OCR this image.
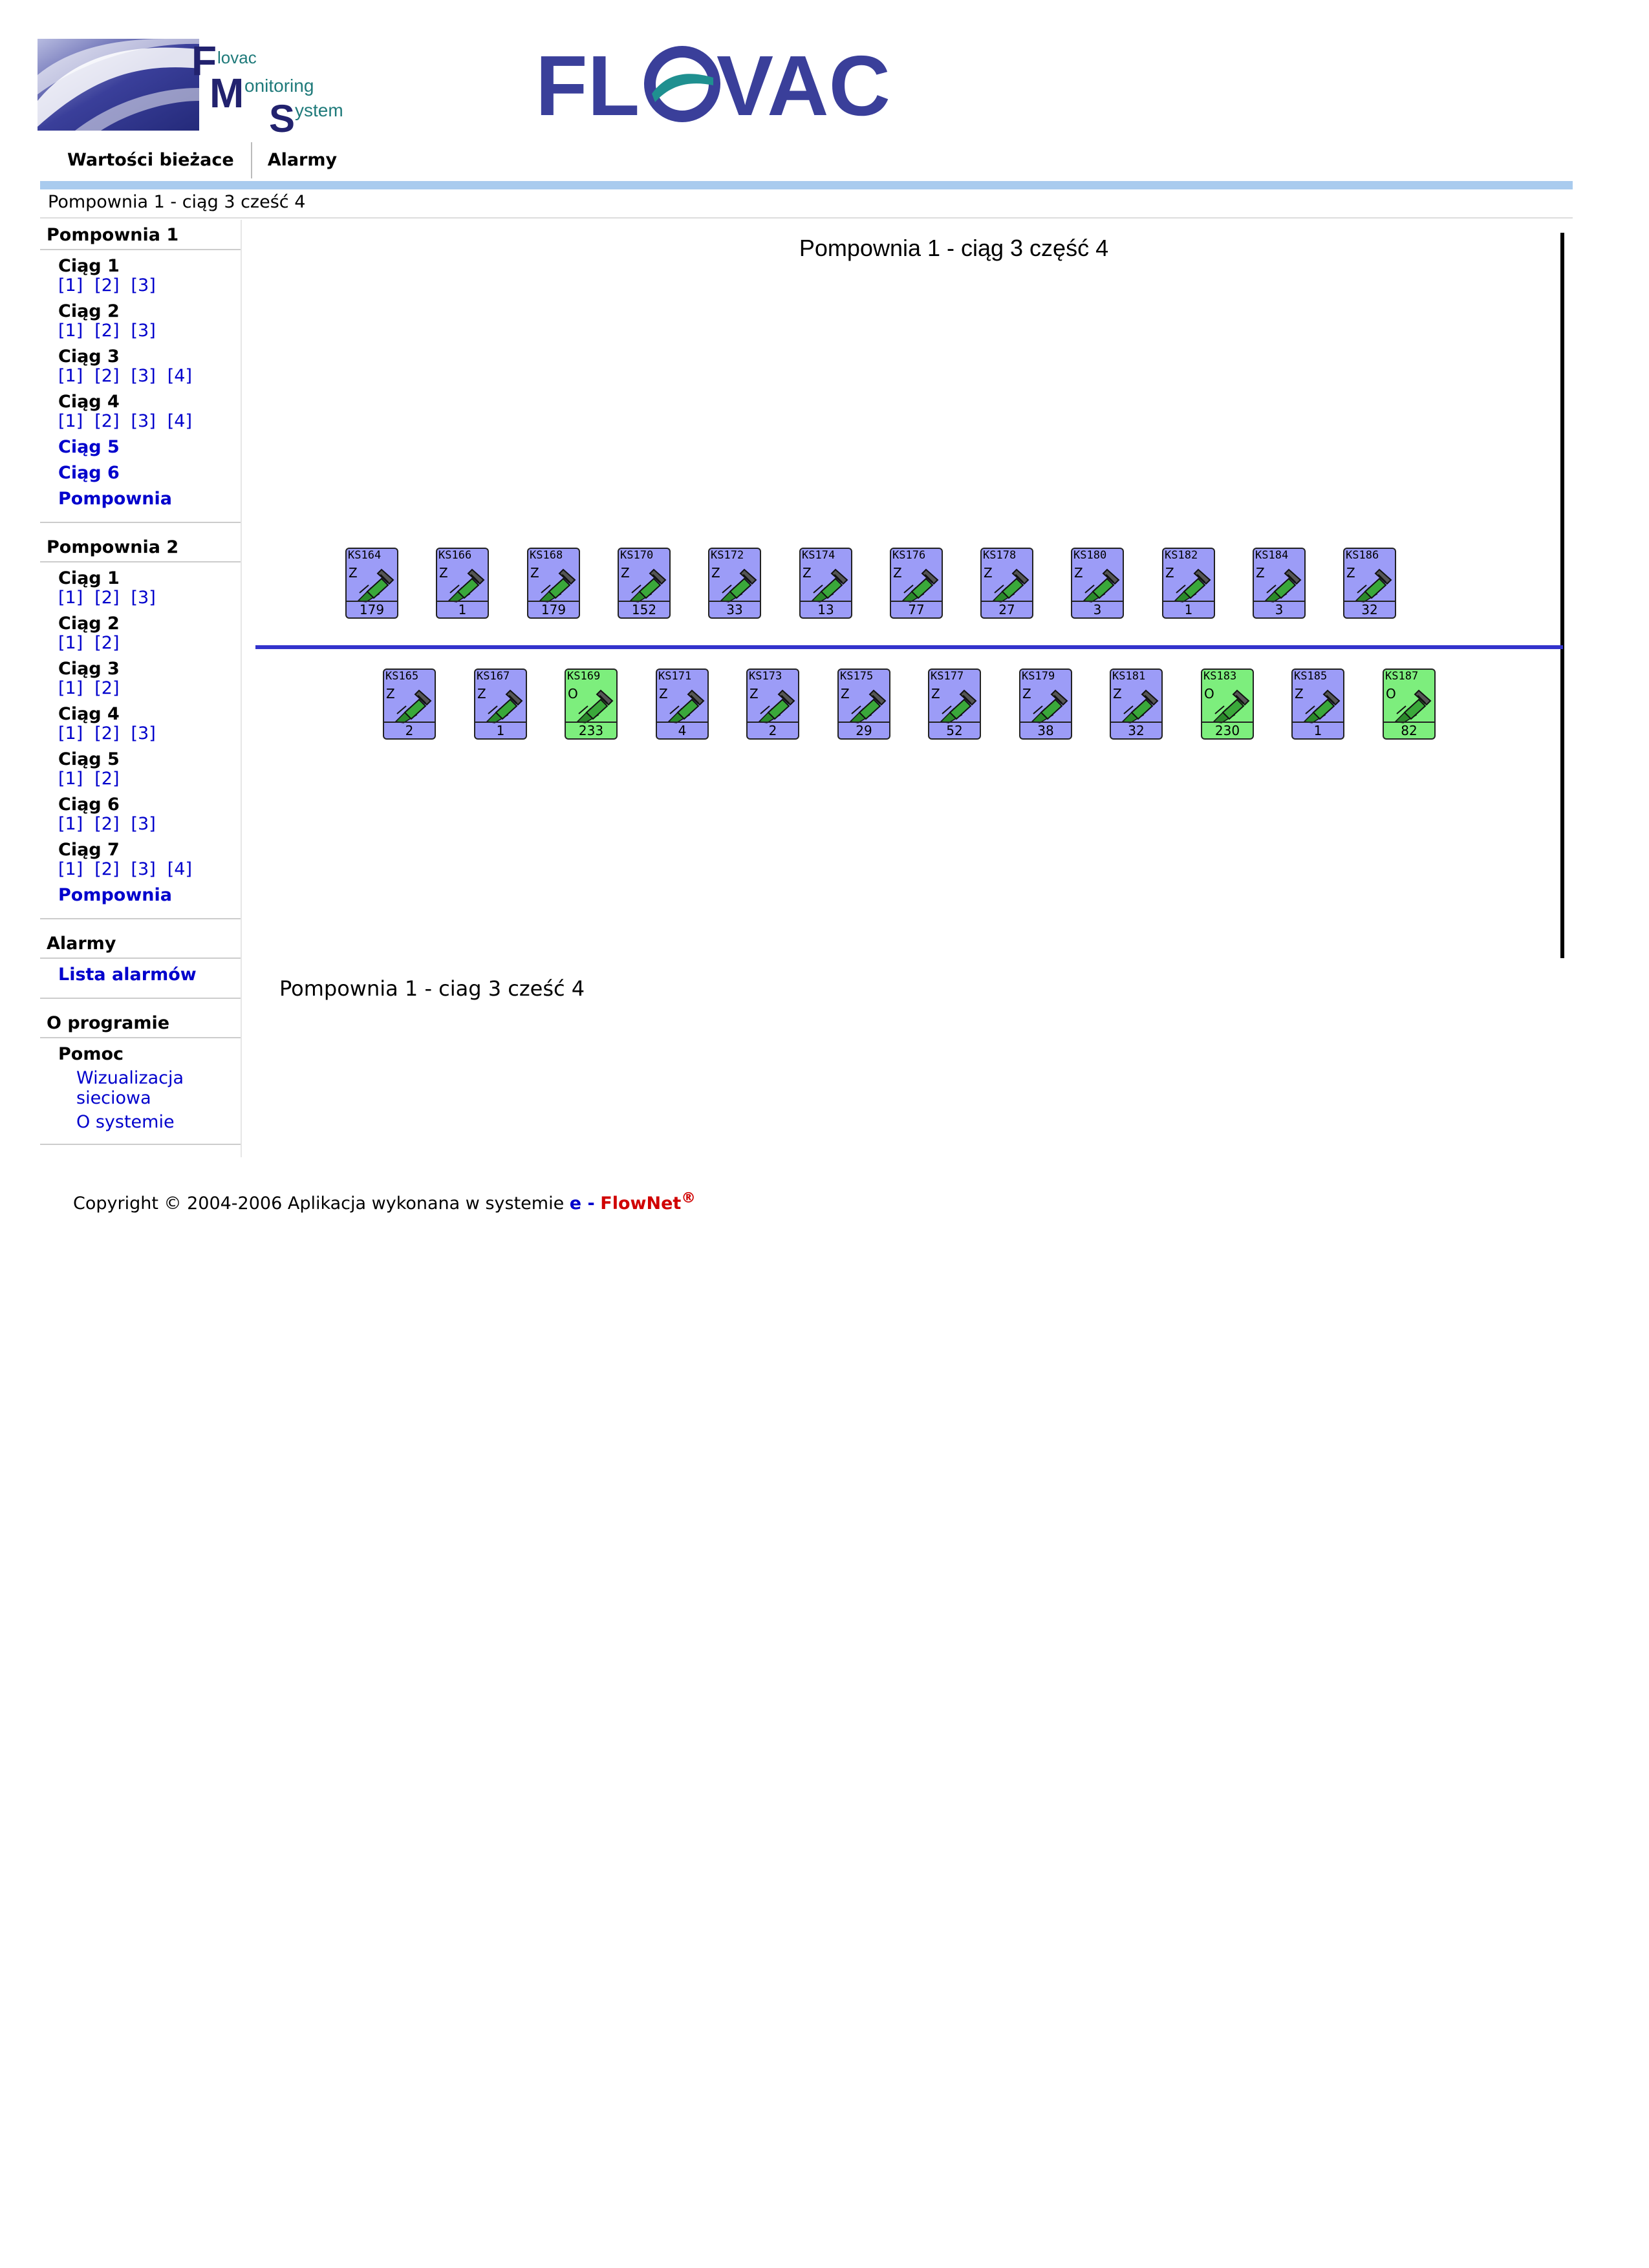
F lovac
M onitoring
S ystem FL VAC
Wartości bieżace	Alarmy
Pompownia 1 - ciąg 3 cześć 4
Pompownia 1
Ciąg 1
[1] [2] [3]
Ciąg 2
[1] [2] [3]
Ciąg 3
[1] [2] [3] [4]
Ciąg 4
[1] [2] [3] [4]
Ciąg 5
Ciąg 6
Pompownia
Pompownia 2
Ciąg 1
[1] [2] [3]
Ciąg 2
[1] [2]
Ciąg 3
[1] [2]
Ciąg 4
[1] [2] [3]
Ciąg 5
[1] [2]
Ciąg 6
[1] [2] [3]
Ciąg 7
[1] [2] [3] [4]
Pompownia
Alarmy
Lista alarmów
O programie
Pomoc
Wizualizacja sieciowa
O systemie
Pompownia 1 - ciąg 3 część 4
KS164
Z
179
KS166
Z
1
KS168
Z
179
KS170
Z
152
KS172
Z
33
KS174
Z
13
KS176
Z
77
KS178
Z
27
KS180
Z
3
KS182
Z
1
KS184
Z
3
KS186
Z
32
KS165
Z
2
KS167
Z
1
KS169
O
233
KS171
Z
4
KS173
Z
2
KS175
Z
29
KS177
Z
52
KS179
Z
38
KS181
Z
32
KS183
O
230
KS185
Z
1
KS187
O
82
Pompownia 1 - ciag 3 cześć 4
Copyright © 2004-2006 Aplikacja wykonana w systemie e - FlowNet®
